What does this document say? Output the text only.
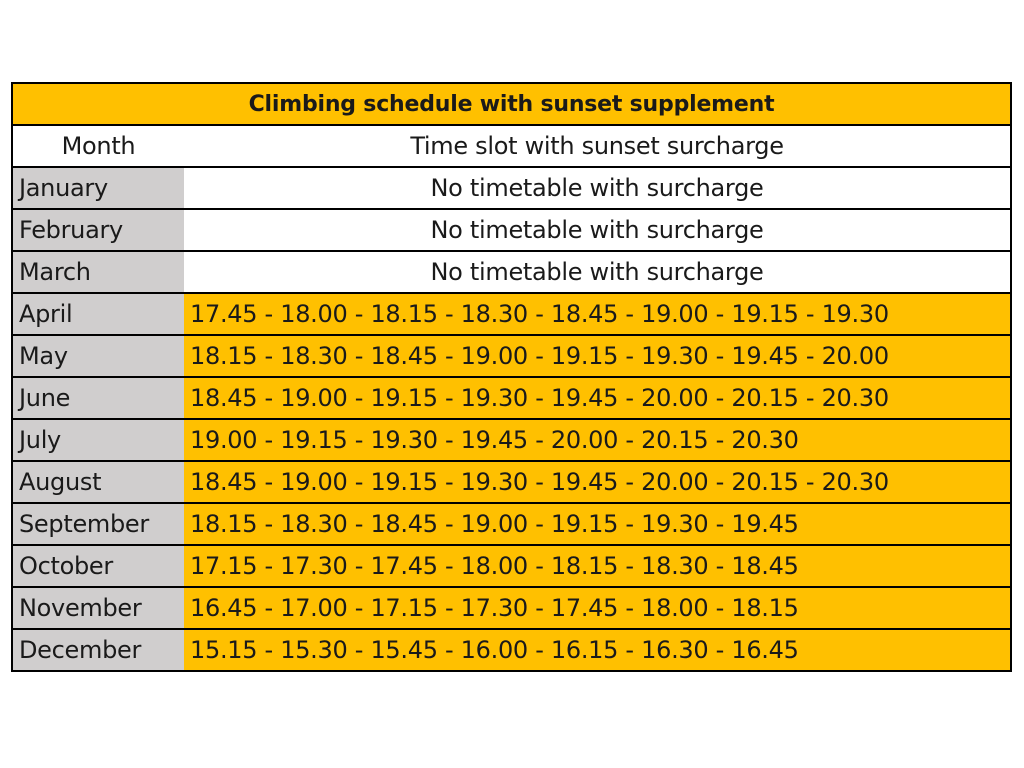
Climbing schedule with sunset supplement
Month	Time slot with sunset surcharge
January	No timetable with surcharge
February	No timetable with surcharge
March	No timetable with surcharge
April	17.45 - 18.00 - 18.15 - 18.30 - 18.45 - 19.00 - 19.15 - 19.30
May	18.15 - 18.30 - 18.45 - 19.00 - 19.15 - 19.30 - 19.45 - 20.00
June	18.45 - 19.00 - 19.15 - 19.30 - 19.45 - 20.00 - 20.15 - 20.30
July	19.00 - 19.15 - 19.30 - 19.45 - 20.00 - 20.15 - 20.30
August	18.45 - 19.00 - 19.15 - 19.30 - 19.45 - 20.00 - 20.15 - 20.30
September	18.15 - 18.30 - 18.45 - 19.00 - 19.15 - 19.30 - 19.45
October	17.15 - 17.30 - 17.45 - 18.00 - 18.15 - 18.30 - 18.45
November	16.45 - 17.00 - 17.15 - 17.30 - 17.45 - 18.00 - 18.15
December	15.15 - 15.30 - 15.45 - 16.00 - 16.15 - 16.30 - 16.45
